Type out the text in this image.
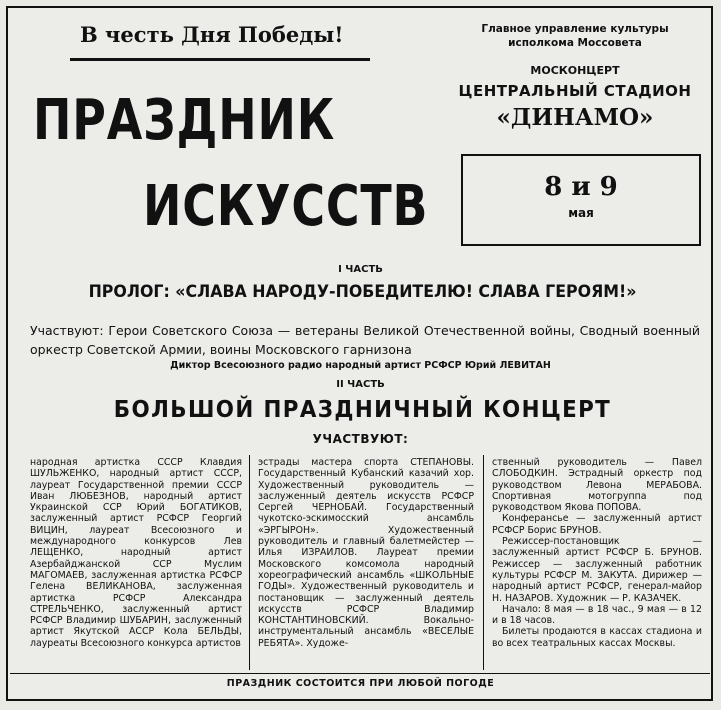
В честь Дня Победы!	Главное управление культуры
исполкома Моссовета
МОСКОНЦЕРТ
ЦЕНТРАЛЬНЫЙ СТАДИОН
«ДИНАМО»
ПРАЗДНИК
ИСКУССТВ	8 и 9
мая
I ЧАСТЬ
ПРОЛОГ: «СЛАВА НАРОДУ-ПОБЕДИТЕЛЮ! СЛАВА ГЕРОЯМ!»
Участвуют: Герои Советского Союза — ветераны Великой Отечественной войны, Сводный военный оркестр Советской Армии, воины Московского гарнизона
Диктор Всесоюзного радио народный артист РСФСР Юрий ЛЕВИТАН
II ЧАСТЬ
БОЛЬШОЙ ПРАЗДНИЧНЫЙ КОНЦЕРТ
УЧАСТВУЮТ:
народная артистка СССР Клавдия ШУЛЬЖЕНКО, народный артист СССР, лауреат Государственной премии СССР Иван ЛЮБЕЗНОВ, народный артист Украинской ССР Юрий БОГАТИКОВ, заслуженный артист РСФСР Георгий ВИЦИН, лауреат Всесоюзного и международного конкурсов Лев ЛЕЩЕНКО, народный артист Азербайджанской ССР Муслим МАГОМАЕВ, заслуженная артистка РСФСР Гелена ВЕЛИКАНОВА, заслуженная артистка РСФСР Александра СТРЕЛЬЧЕНКО, заслуженный артист РСФСР Владимир ШУБАРИН, заслуженный артист Якутской АССР Кола БЕЛЬДЫ, лауреаты Всесоюзного конкурса артистов
эстрады мастера спорта СТЕПАНОВЫ. Государственный Кубанский казачий хор. Художественный руководитель — заслуженный деятель искусств РСФСР Сергей ЧЕРНОБАЙ. Государственный чукотско-эскимосский ансамбль «ЭРГЫРОН». Художественный руководитель и главный балетмейстер — Илья ИЗРАИЛОВ. Лауреат премии Московского комсомола народный хореографический ансамбль «ШКОЛЬНЫЕ ГОДЫ». Художественный руководитель и постановщик — заслуженный деятель искусств РСФСР Владимир КОНСТАНТИНОВСКИЙ. Вокально-инструментальный ансамбль «ВЕСЕЛЫЕ РЕБЯТА». Художе-
ственный руководитель — Павел СЛОБОДКИН. Эстрадный оркестр под руководством Левона МЕРАБОВА. Спортивная мотогруппа под руководством Якова ПОПОВА.
Конферансье — заслуженный артист РСФСР Борис БРУНОВ.
Режиссер-постановщик — заслуженный артист РСФСР Б. БРУНОВ. Режиссер — заслуженный работник культуры РСФСР М. ЗАКУТА. Дирижер — народный артист РСФСР, генерал-майор Н. НАЗАРОВ. Художник — Р. КАЗАЧЕК.
Начало: 8 мая — в 18 час., 9 мая — в 12 и в 18 часов.
Билеты продаются в кассах стадиона и во всех театральных кассах Москвы.
ПРАЗДНИК СОСТОИТСЯ ПРИ ЛЮБОЙ ПОГОДЕ
